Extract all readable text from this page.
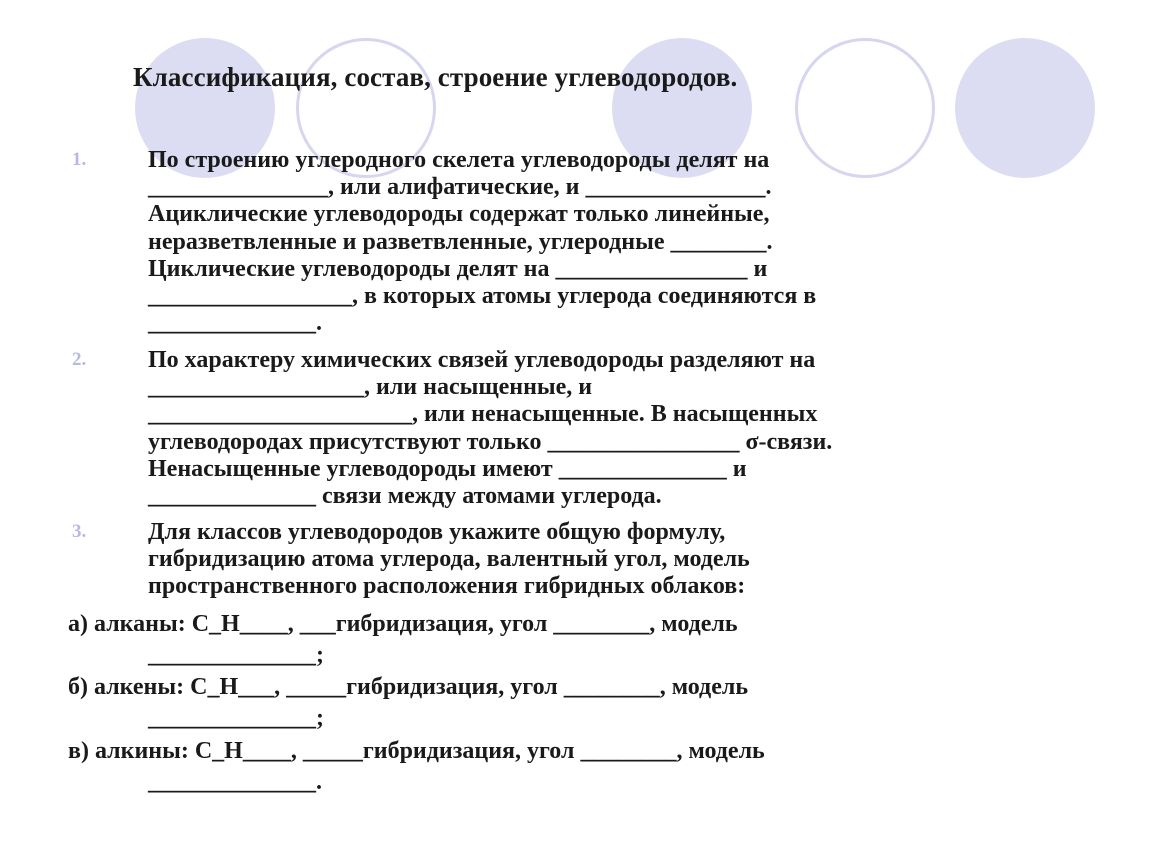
Классификация, состав, строение углеводородов.
1.	По строению углеродного скелета углеводороды делят на
_______________, или алифатические, и _______________.
Ациклические углеводороды содержат только линейные,
неразветвленные и разветвленные, углеродные ________.
Циклические углеводороды делят на ________________ и
_________________, в которых атомы углерода соединяются в
______________.
2.	По характеру химических связей углеводороды разделяют на
__________________, или насыщенные, и
______________________, или ненасыщенные. В насыщенных
углеводородах присутствуют только ________________ σ-связи.
Ненасыщенные углеводороды имеют ______________ и
______________ связи между атомами углерода.
3.	Для классов углеводородов укажите общую формулу,
гибридизацию атома углерода, валентный угол, модель
пространственного расположения гибридных облаков:
а) алканы: C_H____, ___гибридизация, угол ________, модель
______________;
б) алкены: C_H___, _____гибридизация, угол ________, модель
______________;
в) алкины: C_H____, _____гибридизация, угол ________, модель
______________.
